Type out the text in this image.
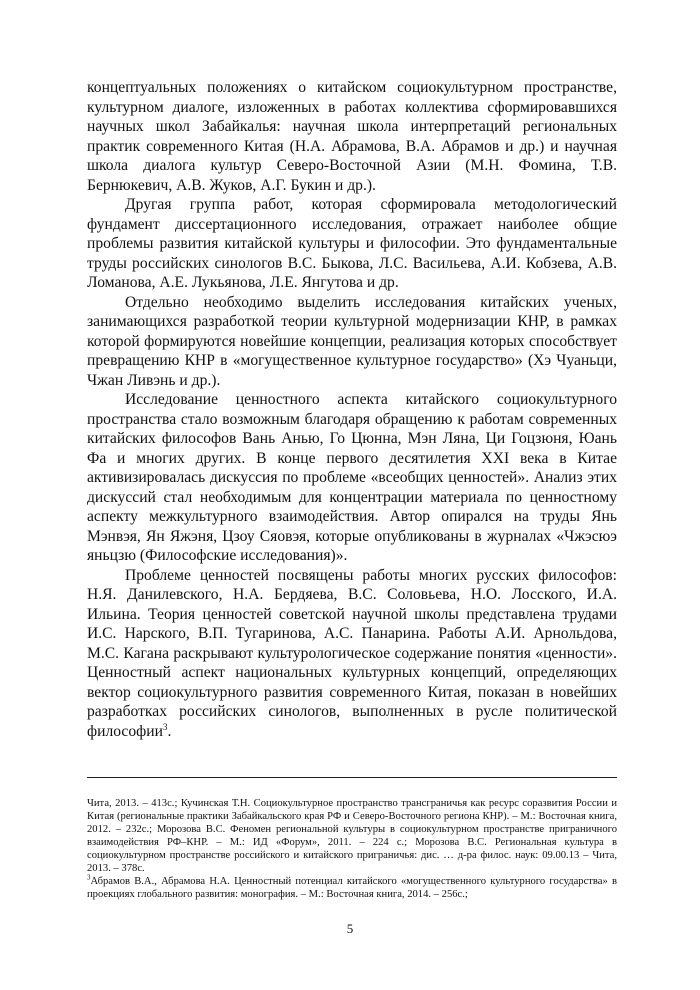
концептуальных положениях о китайском социокультурном пространстве, культурном диалоге, изложенных в работах коллектива сформировавшихся научных школ Забайкалья: научная школа интерпретаций региональных практик современного Китая (Н.А. Абрамова, В.А. Абрамов и др.) и научная школа диалога культур Северо-Восточной Азии (М.Н. Фомина, Т.В. Бернюкевич, А.В. Жуков, А.Г. Букин и др.).

Другая группа работ, которая сформировала методологический фундамент диссертационного исследования, отражает наиболее общие проблемы развития китайской культуры и философии. Это фундаментальные труды российских синологов В.С. Быкова, Л.С. Васильева, А.И. Кобзева, А.В. Ломанова, А.Е. Лукьянова, Л.Е. Янгутова и др.

Отдельно необходимо выделить исследования китайских ученых, занимающихся разработкой теории культурной модернизации КНР, в рамках которой формируются новейшие концепции, реализация которых способствует превращению КНР в «могущественное культурное государство» (Хэ Чуаньци, Чжан Ливэнь и др.).

Исследование ценностного аспекта китайского социокультурного пространства стало возможным благодаря обращению к работам современных китайских философов Вань Анью, Го Цюнна, Мэн Ляна, Ци Гоцзюня, Юань Фа и многих других. В конце первого десятилетия XXI века в Китае активизировалась дискуссия по проблеме «всеобщих ценностей». Анализ этих дискуссий стал необходимым для концентрации материала по ценностному аспекту межкультурного взаимодействия. Автор опирался на труды Янь Мэнвэя, Ян Яжэня, Цзоу Сяовэя, которые опубликованы в журналах «Чжэсюэ яньцзю (Философские исследования)».

Проблеме ценностей посвящены работы многих русских философов: Н.Я. Данилевского, Н.А. Бердяева, В.С. Соловьева, Н.О. Лосского, И.А. Ильина. Теория ценностей советской научной школы представлена трудами И.С. Нарского, В.П. Тугаринова, А.С. Панарина. Работы А.И. Арнольдова, М.С. Кагана раскрывают культурологическое содержание понятия «ценности». Ценностный аспект национальных культурных концепций, определяющих вектор социокультурного развития современного Китая, показан в новейших разработках российских синологов, выполненных в русле политической философии$^3$.

Чита, 2013. – 413с.; Кучинская Т.Н. Социокультурное пространство трансграничья как ресурс соразвития России и Китая (региональные практики Забайкальского края РФ и Северо-Восточного региона КНР). – М.: Восточная книга, 2012. – 232с.; Морозова В.С. Феномен региональной культуры в социокультурном пространстве приграничного взаимодействия РФ–КНР. – М.: ИД «Форум», 2011. – 224 с.; Морозова В.С. Региональная культура в социокультурном пространстве российского и китайского приграничья: дис. … д-ра филос. наук: 09.00.13 – Чита, 2013. – 378с.

$^3$Абрамов В.А., Абрамова Н.А. Ценностный потенциал китайского «могущественного культурного государства» в проекциях глобального развития: монография. – М.: Восточная книга, 2014. – 256с.;

5
